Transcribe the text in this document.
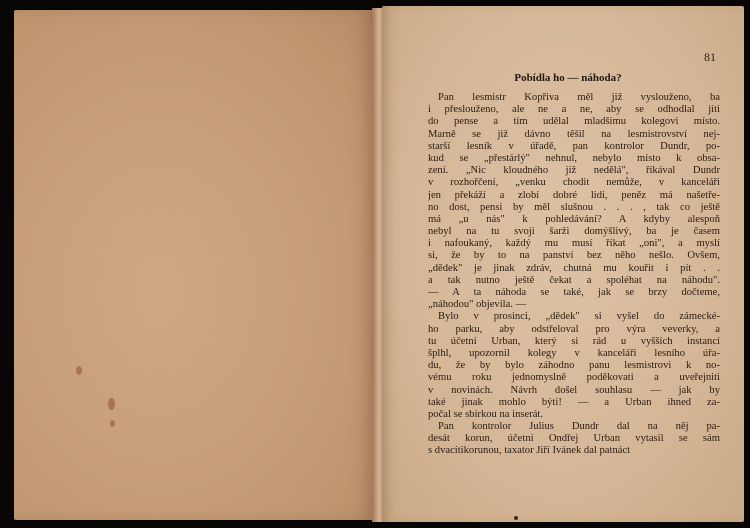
81
Pobídla ho — náhoda?
Pan lesmistr Kopřiva měl již vyslouženo, ba
i přeslouženo, ale ne a ne, aby se odhodlal jíti
do pense a tím udělal mladšímu kolegovi místo.
Marně se již dávno těšil na lesmistrovství nej-
starší lesník v úřadě, pan kontrolor Dundr, po-
kud se „přestárlý" nehnul, nebylo místo k obsa-
zení. „Nic kloudného již nedělá", říkával Dundr
v rozhořčení, „venku chodit nemůže, v kanceláři
jen překáží a zlobí dobré lidi, peněz má našetře-
no dost, pensi by měl slušnou . . . , tak co ještě
má „u nás" k pohledávání? A kdyby alespoň
nebyl na tu svoji šarži domýšlivý, ba je časem
i nafoukaný, každý mu musí říkat „oni", a myslí
si, že by to na panství bez něho nešlo. Ovšem,
„dědek" je jinak zdráv, chutná mu kouřit i pít . .
a tak nutno ještě čekat a spoléhat na náhodu".
— A ta náhoda se také, jak se brzy dočteme,
„náhodou" objevila. —
Bylo v prosinci, „dědek" si vyšel do zámecké-
ho parku, aby odstřeloval pro výra veverky, a
tu účetní Urban, který si rád u vyšších instancí
šplhl, upozornil kolegy v kanceláři lesního úřa-
du, že by bylo záhodno panu lesmistrovi k no-
vému roku jednomyslně poděkovati a uveřejniti
v novinách. Návrh došel souhlasu — jak by
také jinak mohlo býti! — a Urban ihned za-
počal se sbírkou na inserát.
Pan kontrolor Julius Dundr dal na něj pa-
desát korun, účetní Ondřej Urban vytasil se sám
s dvacítikorunou, taxator Jiří Ivánek dal patnáct
